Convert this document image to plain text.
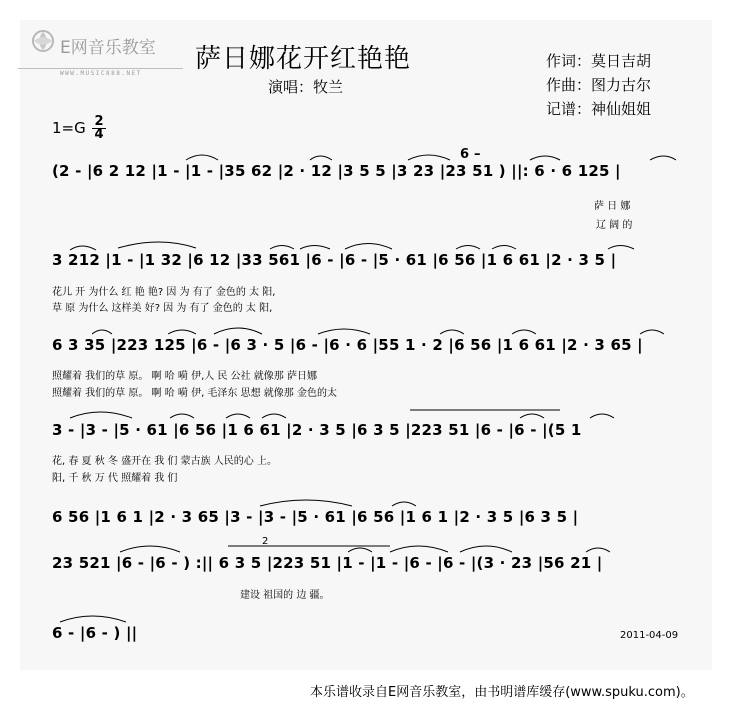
E网音乐教室
WWW.MUSIC888.NET 萨日娜花开红艳艳
演唱：牧兰
作词：莫日吉胡
作曲：图力古尔
记谱：神仙姐姐
1=G 2
4
6 –
(2 - |6 2 12 |1 - |1 - |35 62 |2 · 12 |3 5 5 |3 23 |23 51 ) ||: 6 · 6 125 |
萨 日 娜
辽 阔 的
3 212 |1 - |1 32 |6 12 |33 561 |6 - |6 - |5 · 61 |6 56 |1 6 61 |2 · 3 5 |
花儿 开 为什么 红 艳 艳? 因 为 有了 金色的 太 阳,
草 原 为什么 这样美 好? 因 为 有了 金色的 太 阳,
6 3 35 |223 125 |6 - |6 3 · 5 |6 - |6 · 6 |55 1 · 2 |6 56 |1 6 61 |2 · 3 65 |
照耀着 我们的草 原。 啊 哈 嗬 伊,人 民 公社 就像那 萨日娜
照耀着 我们的草 原。 啊 哈 嗬 伊, 毛泽东 思想 就像那 金色的太
3 - |3 - |5 · 61 |6 56 |1 6 61 |2 · 3 5 |6 3 5 |223 51 |6 - |6 - |(5 1
花, 春 夏 秋 冬 盛开在 我 们 蒙古族 人民的心 上。
阳, 千 秋 万 代 照耀着 我 们
6 56 |1 6 1 |2 · 3 65 |3 - |3 - |5 · 61 |6 56 |1 6 1 |2 · 3 5 |6 3 5 |
2
23 521 |6 - |6 - ) :|| 6 3 5 |223 51 |1 - |1 - |6 - |6 - |(3 · 23 |56 21 |
建设 祖国的 边 疆。
6 - |6 - ) ||	2011-04-09
本乐谱收录自E网音乐教室，由书明谱库缓存(www.spuku.com)。
